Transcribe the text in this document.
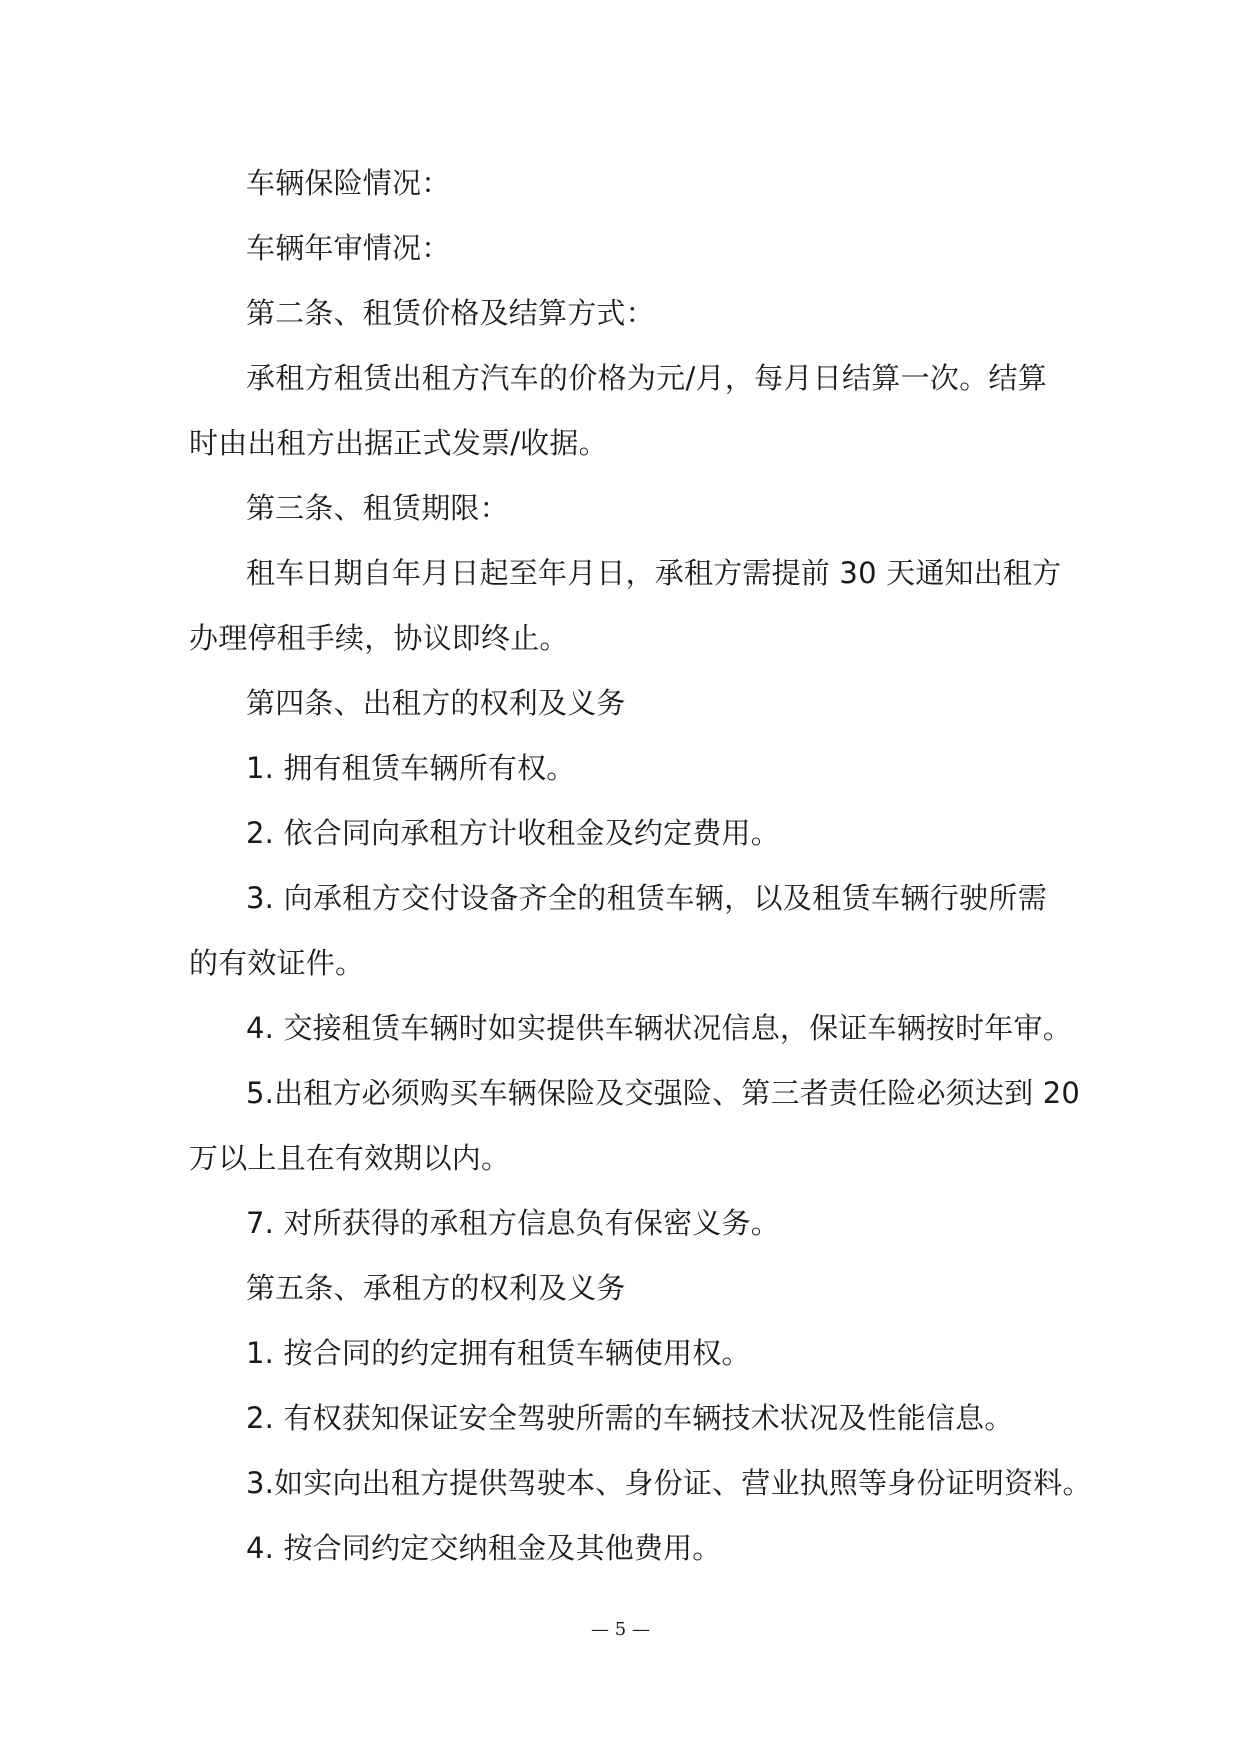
车辆保险情况：
车辆年审情况：
第二条、租赁价格及结算方式：
承租方租赁出租方汽车的价格为元/月，每月日结算一次。结算
时由出租方出据正式发票/收据。
第三条、租赁期限：
租车日期自年月日起至年月日，承租方需提前 30 天通知出租方
办理停租手续，协议即终止。
第四条、出租方的权利及义务
1. 拥有租赁车辆所有权。
2. 依合同向承租方计收租金及约定费用。
3. 向承租方交付设备齐全的租赁车辆，以及租赁车辆行驶所需
的有效证件。
4. 交接租赁车辆时如实提供车辆状况信息，保证车辆按时年审。
5.出租方必须购买车辆保险及交强险、第三者责任险必须达到 20
万以上且在有效期以内。
7. 对所获得的承租方信息负有保密义务。
第五条、承租方的权利及义务
1. 按合同的约定拥有租赁车辆使用权。
2. 有权获知保证安全驾驶所需的车辆技术状况及性能信息。
3.如实向出租方提供驾驶本、身份证、营业执照等身份证明资料。
4. 按合同约定交纳租金及其他费用。
— 5 —
